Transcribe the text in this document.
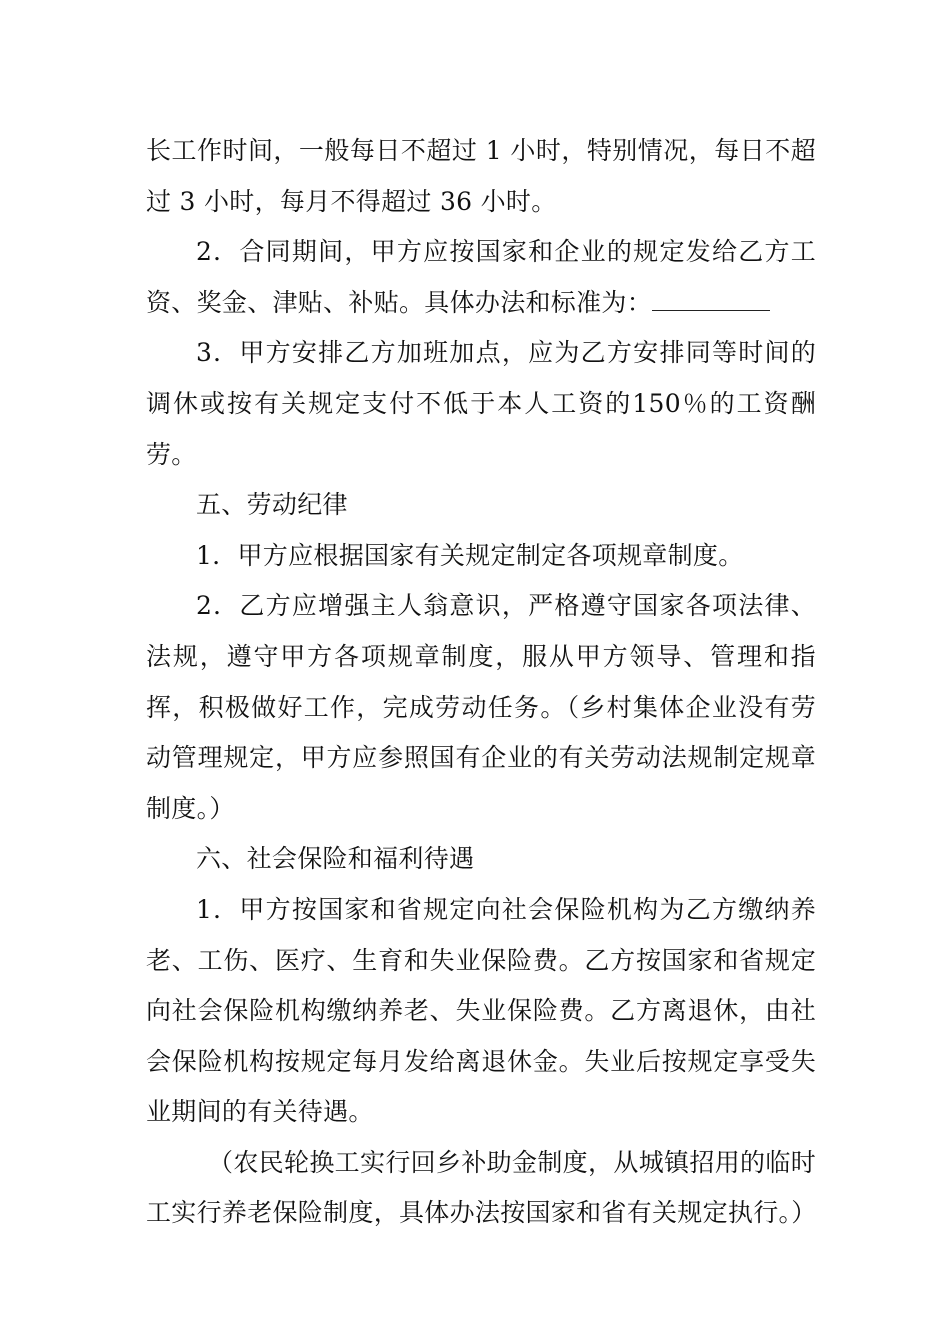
长工作时间，一般每日不超过 1 小时，特别情况，每日不超过 3 小时，每月不得超过 36 小时。

2．合同期间，甲方应按国家和企业的规定发给乙方工资、奖金、津贴、补贴。具体办法和标准为：

3．甲方安排乙方加班加点，应为乙方安排同等时间的调休或按有关规定支付不低于本人工资的150％的工资酬劳。

五、劳动纪律

1．甲方应根据国家有关规定制定各项规章制度。

2．乙方应增强主人翁意识，严格遵守国家各项法律、法规，遵守甲方各项规章制度，服从甲方领导、管理和指挥，积极做好工作，完成劳动任务。（乡村集体企业没有劳动管理规定，甲方应参照国有企业的有关劳动法规制定规章制度。）

六、社会保险和福利待遇

1．甲方按国家和省规定向社会保险机构为乙方缴纳养老、工伤、医疗、生育和失业保险费。乙方按国家和省规定向社会保险机构缴纳养老、失业保险费。乙方离退休，由社会保险机构按规定每月发给离退休金。失业后按规定享受失业期间的有关待遇。

（农民轮换工实行回乡补助金制度，从城镇招用的临时工实行养老保险制度，具体办法按国家和省有关规定执行。）
